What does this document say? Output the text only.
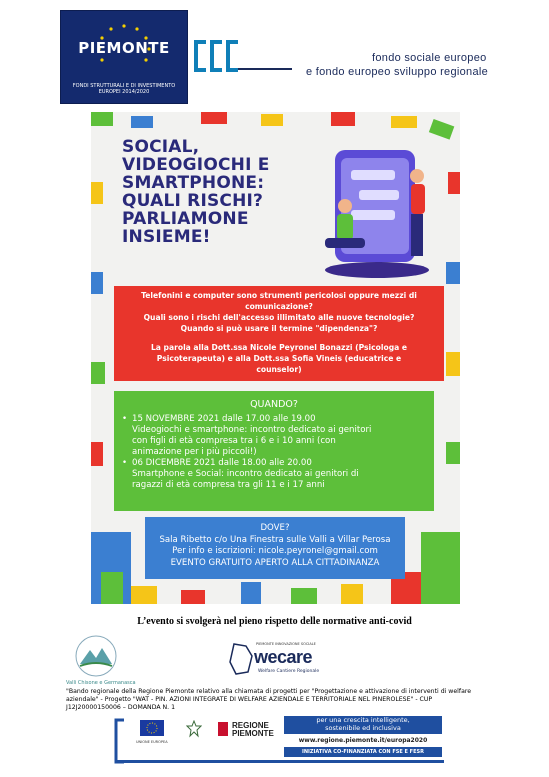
PIEMONTE
FONDI STRUTTURALI E DI INVESTIMENTO EUROPEI 2014/2020
fondo sociale europeo
e fondo europeo sviluppo regionale
SOCIAL,
VIDEOGIOCHI E
SMARTPHONE:
QUALI RISCHI?
PARLIAMONE
INSIEME!
Telefonini e computer sono strumenti pericolosi oppure mezzi di
comunicazione?
Quali sono i rischi dell'accesso illimitato alle nuove tecnologie?
Quando si può usare il termine "dipendenza"?
La parola alla Dott.ssa Nicole Peyronel Bonazzi (Psicologa e
Psicoterapeuta) e alla Dott.ssa Sofia Vineis (educatrice e
counselor)
QUANDO?
• 15 NOVEMBRE 2021 dalle 17.00 alle 19.00
Videogiochi e smartphone: incontro dedicato ai genitori
con figli di età compresa tra i 6 e i 10 anni (con
animazione per i più piccoli!)
• 06 DICEMBRE 2021 dalle 18.00 alle 20.00
Smartphone e Social: incontro dedicato ai genitori di
ragazzi di età compresa tra gli 11 e i 17 anni
DOVE?
Sala Ribetto c/o Una Finestra sulle Valli a Villar Perosa
Per info e iscrizioni: nicole.peyronel@gmail.com
EVENTO GRATUITO APERTO ALLA CITTADINANZA
L’evento si svolgerà nel pieno rispetto delle normative anti-covid
Valli Chisone e Germanasca
PIEMONTE INNOVAZIONE SOCIALE
wecare
Welfare Cantiere Regionale
"Bando regionale della Regione Piemonte relativo alla chiamata di progetti per "Progettazione e attivazione di interventi di welfare
aziendale" - Progetto "WAT - PIN. AZIONI INTEGRATE DI WELFARE AZIENDALE E TERRITORIALE NEL PINEROLESE" - CUP
J12J20000150006 – DOMANDA N. 1
UNIONE EUROPEA
REGIONE
PIEMONTE
per una crescita intelligente,
sostenibile ed inclusiva
www.regione.piemonte.it/europa2020
INIZIATIVA CO-FINANZIATA CON FSE E FESR
